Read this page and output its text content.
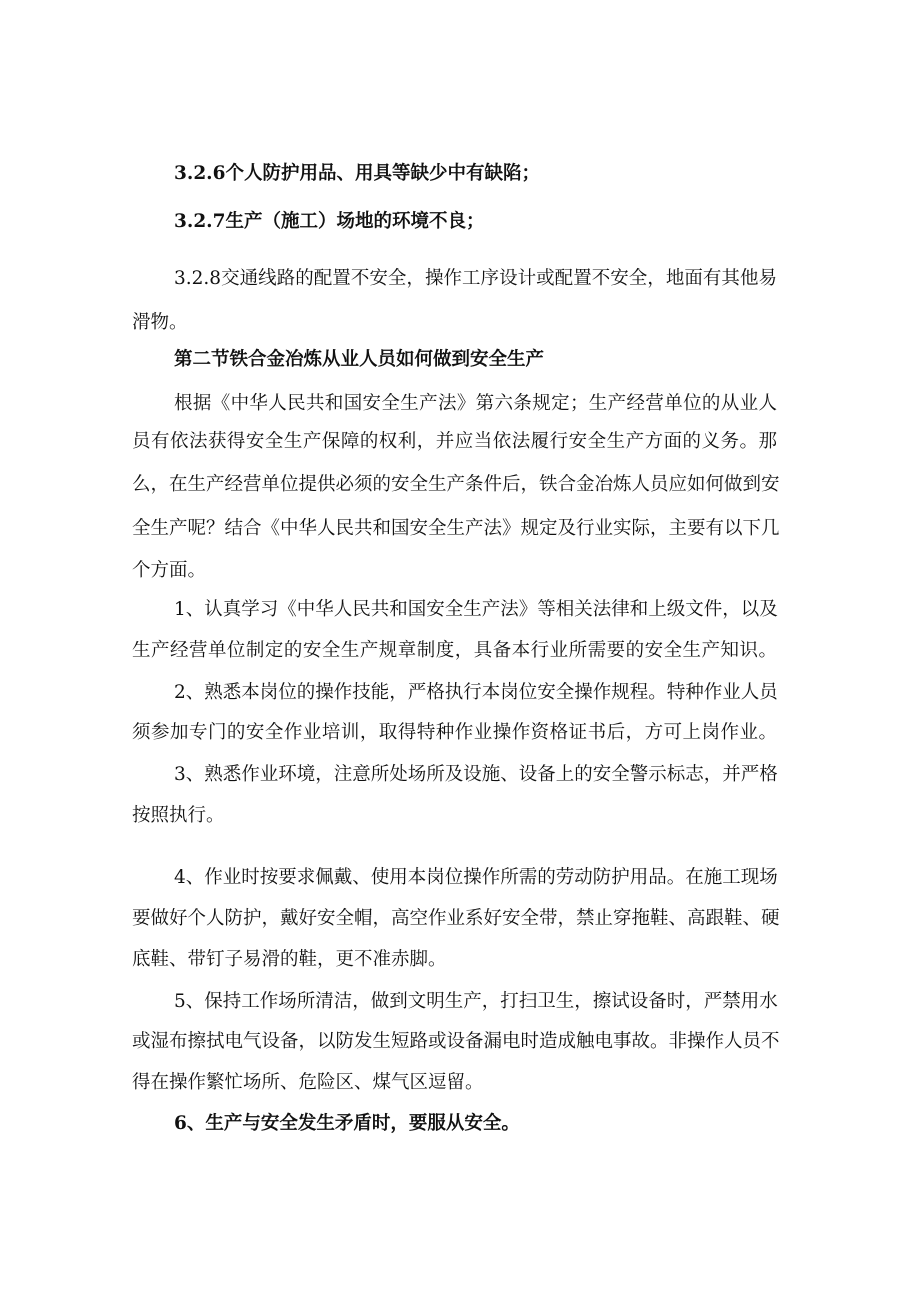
3.2.6个人防护用品、用具等缺少中有缺陷；
3.2.7生产（施工）场地的环境不良；
3.2.8交通线路的配置不安全，操作工序设计或配置不安全，地面有其他易
滑物。
第二节铁合金冶炼从业人员如何做到安全生产
根据《中华人民共和国安全生产法》第六条规定；生产经营单位的从业人
员有依法获得安全生产保障的权利，并应当依法履行安全生产方面的义务。那
么，在生产经营单位提供必须的安全生产条件后，铁合金冶炼人员应如何做到安
全生产呢？结合《中华人民共和国安全生产法》规定及行业实际，主要有以下几
个方面。
1、认真学习《中华人民共和国安全生产法》等相关法律和上级文件，以及
生产经营单位制定的安全生产规章制度，具备本行业所需要的安全生产知识。
2、熟悉本岗位的操作技能，严格执行本岗位安全操作规程。特种作业人员
须参加专门的安全作业培训，取得特种作业操作资格证书后，方可上岗作业。
3、熟悉作业环境，注意所处场所及设施、设备上的安全警示标志，并严格
按照执行。
4、作业时按要求佩戴、使用本岗位操作所需的劳动防护用品。在施工现场
要做好个人防护，戴好安全帽，高空作业系好安全带，禁止穿拖鞋、高跟鞋、硬
底鞋、带钉子易滑的鞋，更不准赤脚。
5、保持工作场所清洁，做到文明生产，打扫卫生，擦试设备时，严禁用水
或湿布擦拭电气设备，以防发生短路或设备漏电时造成触电事故。非操作人员不
得在操作繁忙场所、危险区、煤气区逗留。
6、生产与安全发生矛盾时，要服从安全。
